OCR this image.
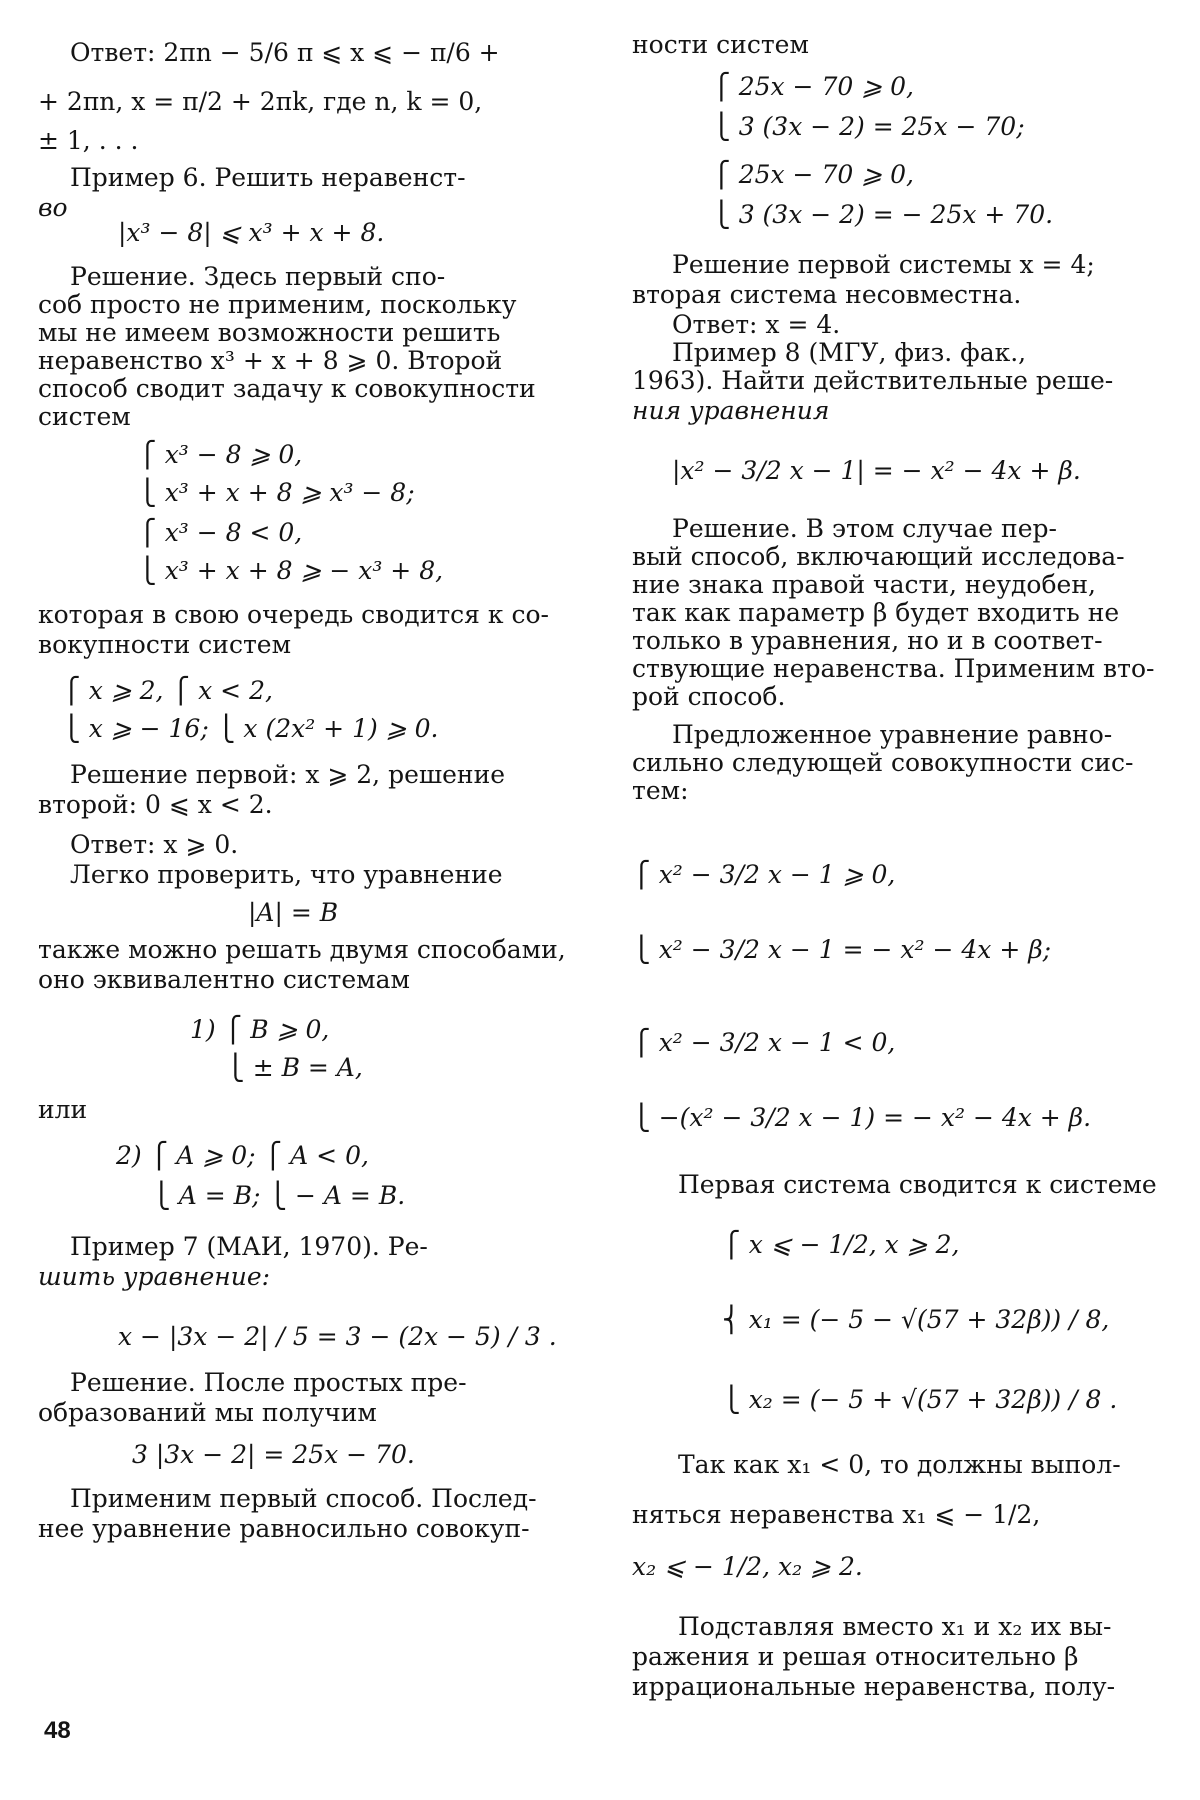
Ответ: 2πn − 5/6 π ⩽ x ⩽ − π/6 +
+ 2πn, x = π/2 + 2πk, где n, k = 0,
± 1, . . .
Пример 6. Решить неравенст-
во
|x³ − 8| ⩽ x³ + x + 8.
Решение. Здесь первый спо-
соб просто не применим, поскольку
мы не имеем возможности решить
неравенство x³ + x + 8 ⩾ 0. Второй
способ сводит задачу к совокупности
систем
⎧ x³ − 8 ⩾ 0,
⎩ x³ + x + 8 ⩾ x³ − 8;
⎧ x³ − 8 < 0,
⎩ x³ + x + 8 ⩾ − x³ + 8,
которая в свою очередь сводится к со-
вокупности систем
⎧ x ⩾ 2, ⎧ x < 2,
⎩ x ⩾ − 16; ⎩ x (2x² + 1) ⩾ 0.
Решение первой: x ⩾ 2, решение
второй: 0 ⩽ x < 2.
Ответ: x ⩾ 0.
Легко проверить, что уравнение
|A| = B
также можно решать двумя способами,
оно эквивалентно системам
1) ⎧ B ⩾ 0,
⎩ ± B = A,
или
2) ⎧ A ⩾ 0; ⎧ A < 0,
⎩ A = B; ⎩ − A = B.
Пример 7 (МАИ, 1970). Ре-
шить уравнение:
x − |3x − 2| / 5 = 3 − (2x − 5) / 3 .
Решение. После простых пре-
образований мы получим
3 |3x − 2| = 25x − 70.
Применим первый способ. Послед-
нее уравнение равносильно совокуп-
ности систем
⎧ 25x − 70 ⩾ 0,
⎩ 3 (3x − 2) = 25x − 70;
⎧ 25x − 70 ⩾ 0,
⎩ 3 (3x − 2) = − 25x + 70.
Решение первой системы x = 4;
вторая система несовместна.
Ответ: x = 4.
Пример 8 (МГУ, физ. фак.,
1963). Найти действительные реше-
ния уравнения
|x² − 3/2 x − 1| = − x² − 4x + β.
Решение. В этом случае пер-
вый способ, включающий исследова-
ние знака правой части, неудобен,
так как параметр β будет входить не
только в уравнения, но и в соответ-
ствующие неравенства. Применим вто-
рой способ.
Предложенное уравнение равно-
сильно следующей совокупности сис-
тем:
⎧ x² − 3/2 x − 1 ⩾ 0,
⎩ x² − 3/2 x − 1 = − x² − 4x + β;
⎧ x² − 3/2 x − 1 < 0,
⎩ −(x² − 3/2 x − 1) = − x² − 4x + β.
Первая система сводится к системе
⎧ x ⩽ − 1/2, x ⩾ 2,
⎨ x₁ = (− 5 − √(57 + 32β)) / 8,
⎩ x₂ = (− 5 + √(57 + 32β)) / 8 .
Так как x₁ < 0, то должны выпол-
няться неравенства x₁ ⩽ − 1/2,
x₂ ⩽ − 1/2, x₂ ⩾ 2.
Подставляя вместо x₁ и x₂ их вы-
ражения и решая относительно β
иррациональные неравенства, полу-
48
